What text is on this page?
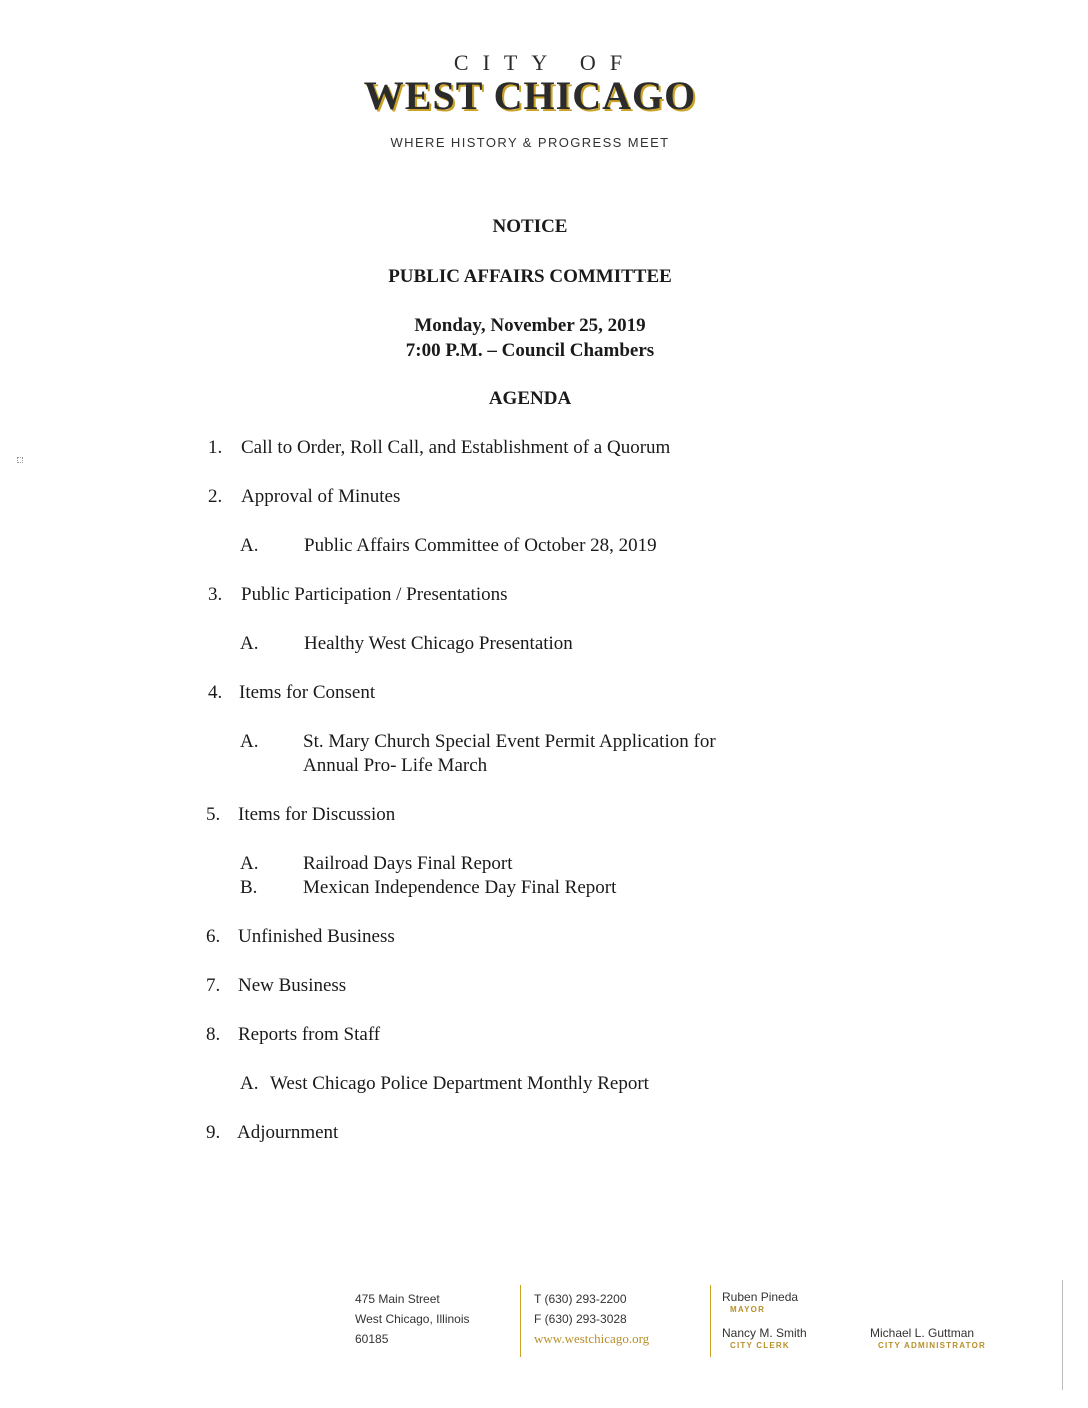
CITY OF
WEST CHICAGO
WHERE HISTORY & PROGRESS MEET
NOTICE
PUBLIC AFFAIRS COMMITTEE
Monday, November 25, 2019
7:00 P.M. – Council Chambers
AGENDA
1. Call to Order, Roll Call, and Establishment of a Quorum
2. Approval of Minutes
A. Public Affairs Committee of October 28, 2019
3. Public Participation / Presentations
A. Healthy West Chicago Presentation
4. Items for Consent
A. St. Mary Church Special Event Permit Application for
Annual Pro- Life March
5. Items for Discussion
A. Railroad Days Final Report
B. Mexican Independence Day Final Report
6. Unfinished Business
7. New Business
8. Reports from Staff
A. West Chicago Police Department Monthly Report
9. Adjournment
475 Main Street
West Chicago, Illinois
60185
T (630) 293-2200
F (630) 293-3028
www.westchicago.org
Ruben Pineda
MAYOR
Nancy M. Smith
CITY CLERK
Michael L. Guttman
CITY ADMINISTRATOR
